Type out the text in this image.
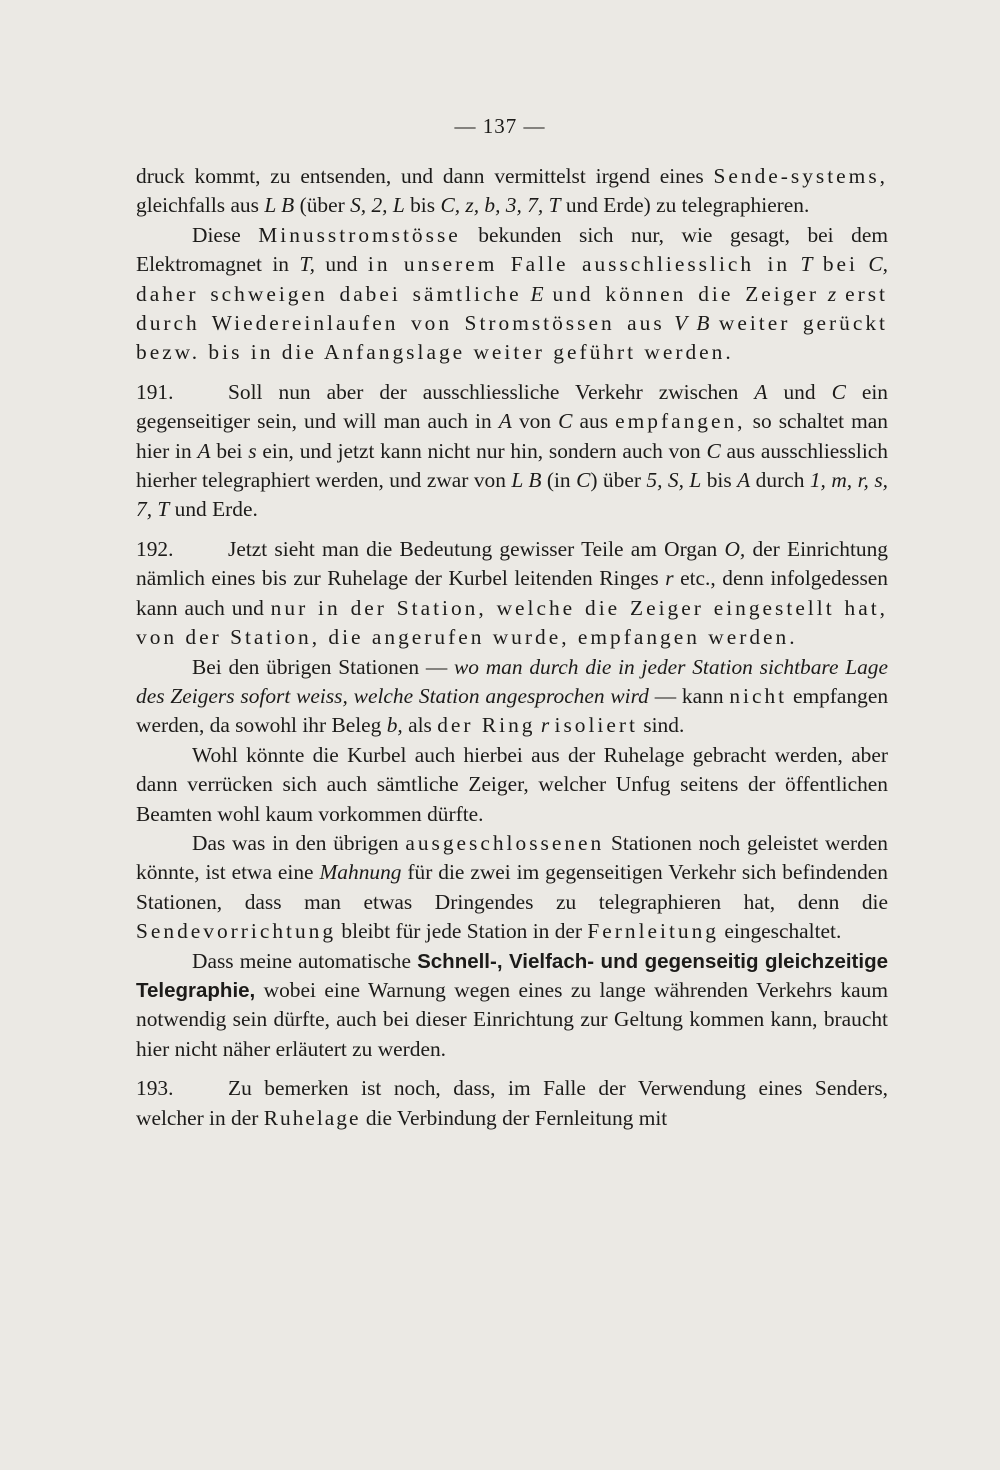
— 137 —

druck kommt, zu entsenden, und dann vermittelst irgend eines Sende-systems, gleichfalls aus L B (über S, 2, L bis C, z, b, 3, 7, T und Erde) zu telegraphieren.

Diese Minusstromstösse bekunden sich nur, wie gesagt, bei dem Elektromagnet in T, und in unserem Falle ausschliesslich in T bei C, daher schweigen dabei sämtliche E und können die Zeiger z erst durch Wiedereinlaufen von Stromstössen aus V B weiter gerückt bezw. bis in die Anfangslage weiter geführt werden.

191.	Soll nun aber der ausschliessliche Verkehr zwischen A und C ein gegenseitiger sein, und will man auch in A von C aus empfangen, so schaltet man hier in A bei s ein, und jetzt kann nicht nur hin, sondern auch von C aus ausschliesslich hierher telegraphiert werden, und zwar von L B (in C) über 5, S, L bis A durch 1, m, r, s, 7, T und Erde.

192.	Jetzt sieht man die Bedeutung gewisser Teile am Organ O, der Einrichtung nämlich eines bis zur Ruhelage der Kurbel leitenden Ringes r etc., denn infolgedessen kann auch und nur in der Station, welche die Zeiger eingestellt hat, von der Station, die angerufen wurde, empfangen werden.

Bei den übrigen Stationen — wo man durch die in jeder Station sichtbare Lage des Zeigers sofort weiss, welche Station angesprochen wird — kann nicht empfangen werden, da sowohl ihr Beleg b, als der Ring r isoliert sind.

Wohl könnte die Kurbel auch hierbei aus der Ruhelage gebracht werden, aber dann verrücken sich auch sämtliche Zeiger, welcher Unfug seitens der öffentlichen Beamten wohl kaum vorkommen dürfte.

Das was in den übrigen ausgeschlossenen Stationen noch geleistet werden könnte, ist etwa eine Mahnung für die zwei im gegenseitigen Verkehr sich befindenden Stationen, dass man etwas Dringendes zu telegraphieren hat, denn die Sendevorrichtung bleibt für jede Station in der Fernleitung eingeschaltet.

Dass meine automatische Schnell-, Vielfach- und gegenseitig gleichzeitige Telegraphie, wobei eine Warnung wegen eines zu lange währenden Verkehrs kaum notwendig sein dürfte, auch bei dieser Einrichtung zur Geltung kommen kann, braucht hier nicht näher erläutert zu werden.

193.	Zu bemerken ist noch, dass, im Falle der Verwendung eines Senders, welcher in der Ruhelage die Verbindung der Fernleitung mit
